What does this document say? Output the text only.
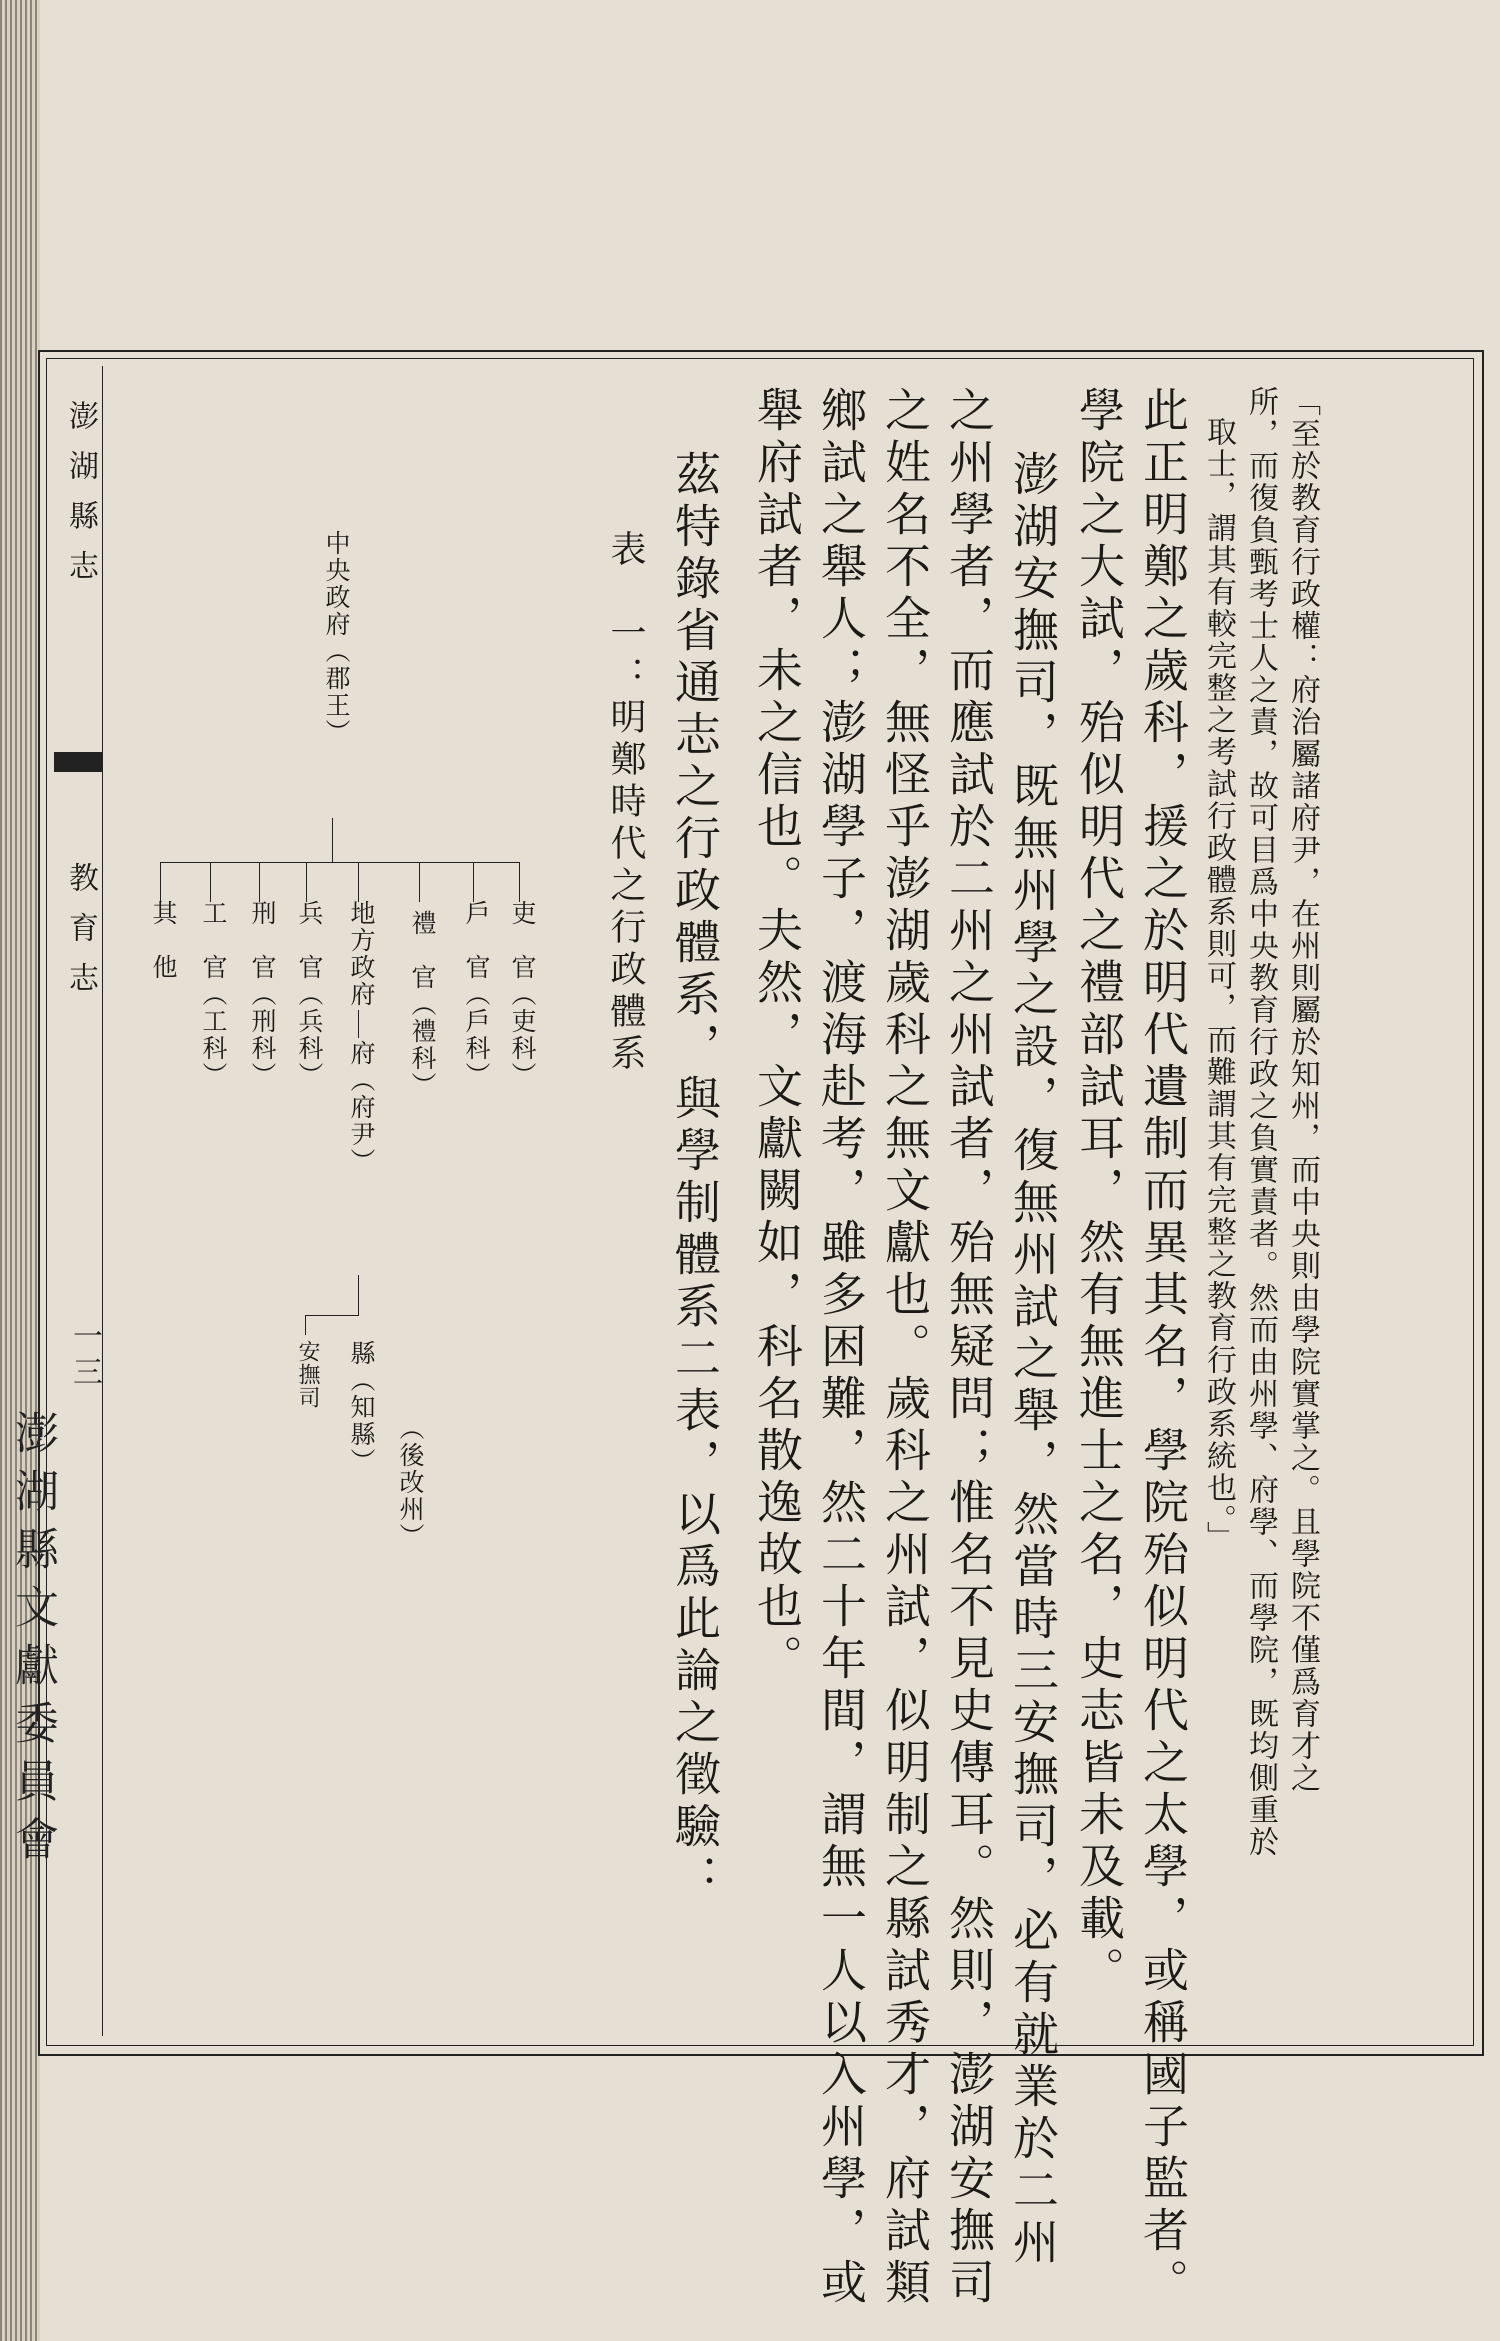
澎湖縣志
教育志
一三
澎湖縣文獻委員會	「至於教育行政權：府治屬諸府尹，在州則屬於知州，而中央則由學院實掌之。且學院不僅爲育才之
所，而復負甄考士人之責，故可目爲中央教育行政之負實責者。然而由州學、府學、而學院，既均側重於
取士，謂其有較完整之考試行政體系則可，而難謂其有完整之教育行政系統也。」
此正明鄭之歲科，援之於明代遺制而異其名，學院殆似明代之太學，或稱國子監者。
學院之大試，殆似明代之禮部試耳，然有無進士之名，史志皆未及載。
澎湖安撫司，既無州學之設，復無州試之舉，然當時三安撫司，必有就業於二州
之州學者，而應試於二州之州試者，殆無疑問；惟名不見史傳耳。然則，澎湖安撫司
之姓名不全，無怪乎澎湖歲科之無文獻也。歲科之州試，似明制之縣試秀才，府試類
鄉試之舉人；澎湖學子，渡海赴考，雖多困難，然二十年間，謂無一人以入州學，或
舉府試者，未之信也。夫然，文獻闕如，科名散逸故也。
茲特錄省通志之行政體系，與學制體系二表，以爲此論之徵驗：
表　一：明鄭時代之行政體系
中央政府（郡王）
吏　官（吏科）
戶　官（戶科）
禮　官（禮科）
地方政府
兵　官（兵科）
刑　官（刑科）
工　官（工科）
其　他
府（府尹）
縣（知縣）
（後改州）
安撫司
